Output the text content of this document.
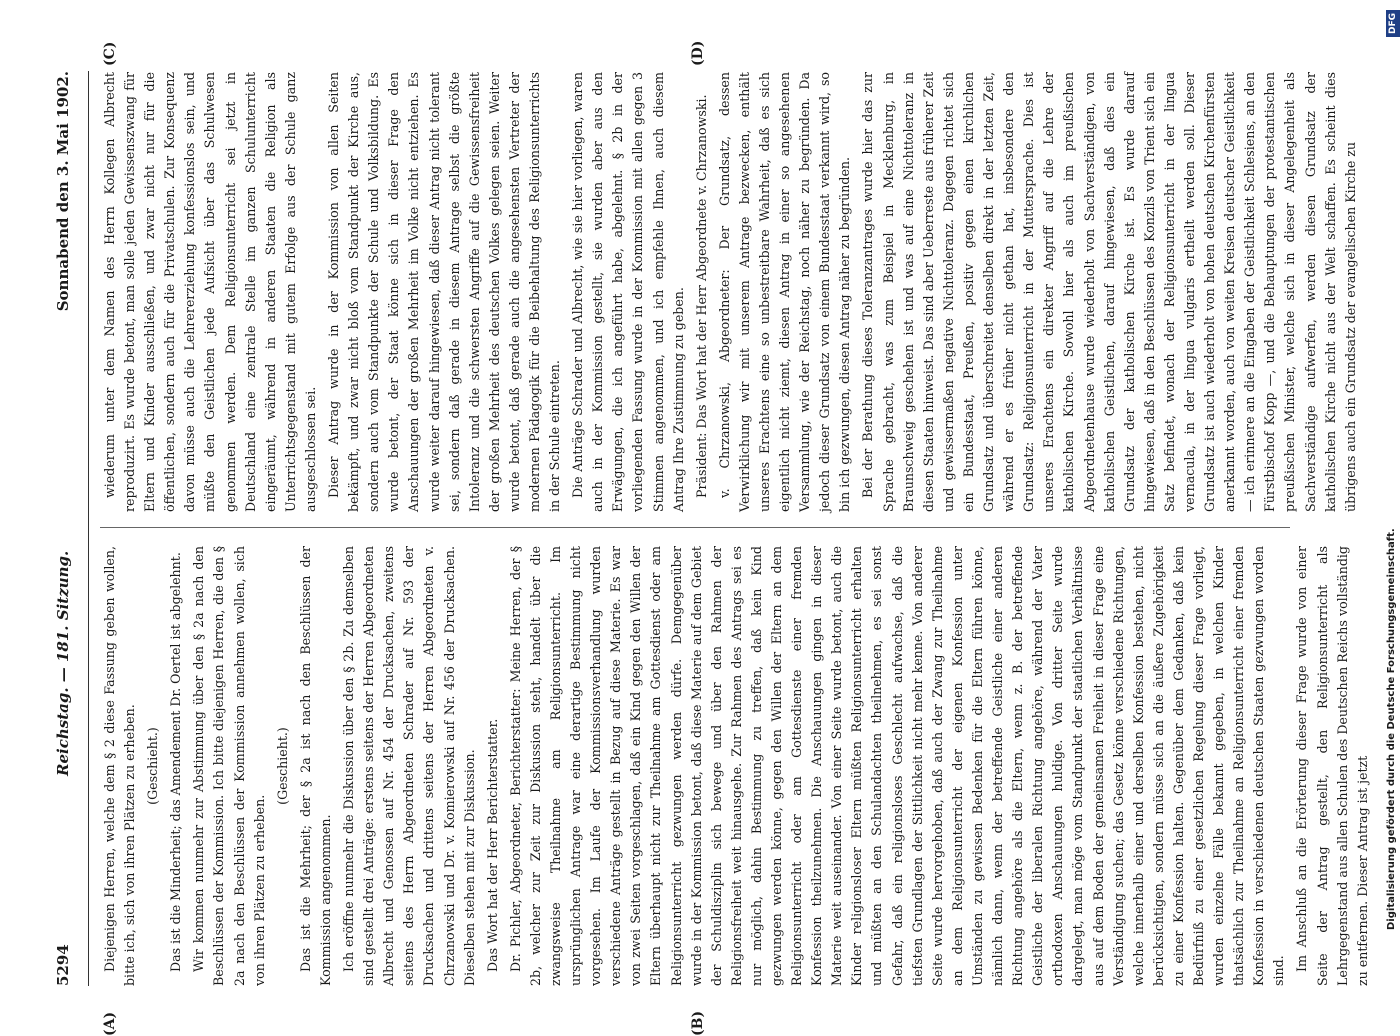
5294
Reichstag. — 181. Sitzung.
Sonnabend den 3. Mai 1902.
(A)	(B)
(C)	(D)

Diejenigen Herren, welche dem § 2 diese Fassung geben wollen, bitte ich, sich von ihren Plätzen zu erheben. (Geschieht.) Das ist die Minderheit; das Amendement Dr. Oertel ist abgelehnt. Wir kommen nunmehr zur Abstimmung über den § 2a nach den Beschlüssen der Kommission. Ich bitte diejenigen Herren, die den § 2a nach den Beschlüssen der Kommission annehmen wollen, sich von ihren Plätzen zu erheben.

(Geschieht.) Das ist die Mehrheit; der § 2a ist nach den Beschlüssen der Kommission angenommen. Ich eröffne nunmehr die Diskussion über den § 2b. Zu demselben sind gestellt drei Anträge: erstens seitens der Herren Abgeordneten Albrecht und Genossen auf Nr. 454 der Drucksachen, zweitens seitens des Herrn Abgeordneten Schrader auf Nr. 593 der Drucksachen und drittens seitens der Herren Abgeordneten v. Chrzanowski und Dr. v. Komierowski auf Nr. 456 der Drucksachen. Dieselben stehen mit zur Diskussion. Das Wort hat der Herr Berichterstatter. Dr. Pichler, Abgeordneter, Berichterstatter: Meine Herren, der § 2b, welcher zur Zeit zur Diskussion steht, handelt über die zwangsweise Theilnahme am Religionsunterricht. Im ursprünglichen Antrage war eine derartige Bestimmung nicht vorgesehen. Im Laufe der Kommissionsverhandlung wurden verschiedene Anträge gestellt in Bezug auf diese Materie. Es war von zwei Seiten vorgeschlagen, daß ein Kind gegen den Willen der Eltern überhaupt nicht zur Theilnahme am Gottesdienst oder am Religionsunterricht gezwungen werden dürfe. Demgegenüber wurde in der Kommission betont, daß diese Materie auf dem Gebiet der Schuldisziplin sich bewege und über den Rahmen der Religionsfreiheit weit hinausgehe. Zur Rahmen des Antrags sei es nur möglich, dahin Bestimmung zu treffen, daß kein Kind gezwungen werden könne, gegen den Willen der Eltern an dem Religionsunterricht oder am Gottesdienste einer fremden Konfession theilzunehmen. Die Anschauungen gingen in dieser Materie weit auseinander. Von einer Seite wurde betont, auch die Kinder religionsloser Eltern müßten Religionsunterricht erhalten und müßten an den Schulandachten theilnehmen, es sei sonst Gefahr, daß ein religionsloses Geschlecht aufwachse, daß die tiefsten Grundlagen der Sittlichkeit nicht mehr kenne. Von anderer Seite wurde hervorgehoben, daß auch der Zwang zur Theilnahme an dem Religionsunterricht der eigenen Konfession unter Umständen zu gewissen Bedenken für die Eltern führen könne, nämlich dann, wenn der betreffende Geistliche einer anderen Richtung angehöre als die Eltern, wenn z. B. der betreffende Geistliche der liberalen Richtung angehöre, während der Vater orthodoxen Anschauungen huldige. Von dritter Seite wurde dargelegt, man möge vom Standpunkt der staatlichen Verhältnisse aus auf dem Boden der gemeinsamen Freiheit in dieser Frage eine Verständigung suchen; das Gesetz könne verschiedene Richtungen, welche innerhalb einer und derselben Konfession bestehen, nicht berücksichtigen, sondern müsse sich an die äußere Zugehörigkeit zu einer Konfession halten. Gegenüber dem Gedanken, daß kein Bedürfniß zu einer gesetzlichen Regelung dieser Frage vorliegt, wurden einzelne Fälle bekannt gegeben, in welchen Kinder thatsächlich zur Theilnahme an Religionsunterricht einer fremden Konfession in verschiedenen deutschen Staaten gezwungen worden sind. Im Anschluß an die Erörterung dieser Frage wurde von einer Seite der Antrag gestellt, den Religionsunterricht als Lehrgegenstand aus allen Schulen des Deutschen Reichs vollständig zu entfernen. Dieser Antrag ist jetzt

wiederum unter dem Namen des Herrn Kollegen Albrecht reproduzirt. Es wurde betont, man solle jeden Gewissenszwang für Eltern und Kinder ausschließen, und zwar nicht nur für die öffentlichen, sondern auch für die Privatschulen. Zur Konsequenz davon müsse auch die Lehrererziehung konfessionslos sein, und müßte den Geistlichen jede Aufsicht über das Schulwesen genommen werden. Dem Religionsunterricht sei jetzt in Deutschland eine zentrale Stelle im ganzen Schulunterricht eingeräumt, während in anderen Staaten die Religion als Unterrichtsgegenstand mit gutem Erfolge aus der Schule ganz ausgeschlossen sei. Dieser Antrag wurde in der Kommission von allen Seiten bekämpft, und zwar nicht bloß vom Standpunkt der Kirche aus, sondern auch vom Standpunkte der Schule und Volksbildung. Es wurde betont, der Staat könne sich in dieser Frage den Anschauungen der großen Mehrheit im Volke nicht entziehen. Es wurde weiter darauf hingewiesen, daß dieser Antrag nicht tolerant sei, sondern daß gerade in diesem Antrage selbst die größte Intoleranz und die schwersten Angriffe auf die Gewissensfreiheit der großen Mehrheit des deutschen Volkes gelegen seien. Weiter wurde betont, daß gerade auch die angesehensten Vertreter der modernen Pädagogik für die Beibehaltung des Religionsunterrichts in der Schule eintreten. Die Anträge Schrader und Albrecht, wie sie hier vorliegen, waren auch in der Kommission gestellt, sie wurden aber aus den Erwägungen, die ich angeführt habe, abgelehnt. § 2b in der vorliegenden Fassung wurde in der Kommission mit allen gegen 3 Stimmen angenommen, und ich empfehle Ihnen, auch diesem Antrag Ihre Zustimmung zu geben. Präsident: Das Wort hat der Herr Abgeordnete v. Chrzanowski. v. Chrzanowski, Abgeordneter: Der Grundsatz, dessen Verwirklichung wir mit unserem Antrage bezwecken, enthält unseres Erachtens eine so unbestreitbare Wahrheit, daß es sich eigentlich nicht ziemt, diesen Antrag in einer so angesehenen Versammlung, wie der Reichstag, noch näher zu begründen. Da jedoch dieser Grundsatz von einem Bundesstaat verkannt wird, so bin ich gezwungen, diesen Antrag näher zu begründen. Bei der Berathung dieses Toleranzantrages wurde hier das zur Sprache gebracht, was zum Beispiel in Mecklenburg, in Braunschweig geschehen ist und was auf eine Nichttoleranz in diesen Staaten hinweist. Das sind aber Ueberreste aus früherer Zeit und gewissermaßen negative Nichttoleranz. Dagegen richtet sich ein Bundesstaat, Preußen, positiv gegen einen kirchlichen Grundsatz und überschreitet denselben direkt in der letzten Zeit, während er es früher nicht gethan hat, insbesondere den Grundsatz: Religionsunterricht in der Muttersprache. Dies ist unseres Erachtens ein direkter Angriff auf die Lehre der katholischen Kirche. Sowohl hier als auch im preußischen Abgeordnetenhause wurde wiederholt von Sachverständigen, von katholischen Geistlichen, darauf hingewiesen, daß dies ein Grundsatz der katholischen Kirche ist. Es wurde darauf hingewiesen, daß in den Beschlüssen des Konzils von Trient sich ein Satz befindet, wonach der Religionsunterricht in der lingua vernacula, in der lingua vulgaris ertheilt werden soll. Dieser Grundsatz ist auch wiederholt von hohen deutschen Kirchenfürsten anerkannt worden, auch von weiten Kreisen deutscher Geistlichkeit — ich erinnere an die Eingaben der Geistlichkeit Schlesiens, an den Fürstbischof Kopp —, und die Behauptungen der protestantischen preußischen Minister, welche sich in dieser Angelegenheit als Sachverständige aufwerfen, werden diesen Grundsatz der katholischen Kirche nicht aus der Welt schaffen. Es scheint dies übrigens auch ein Grundsatz der evangelischen Kirche zu

Digitalisierung gefördert durch die Deutsche Forschungsgemeinschaft.
DFG
